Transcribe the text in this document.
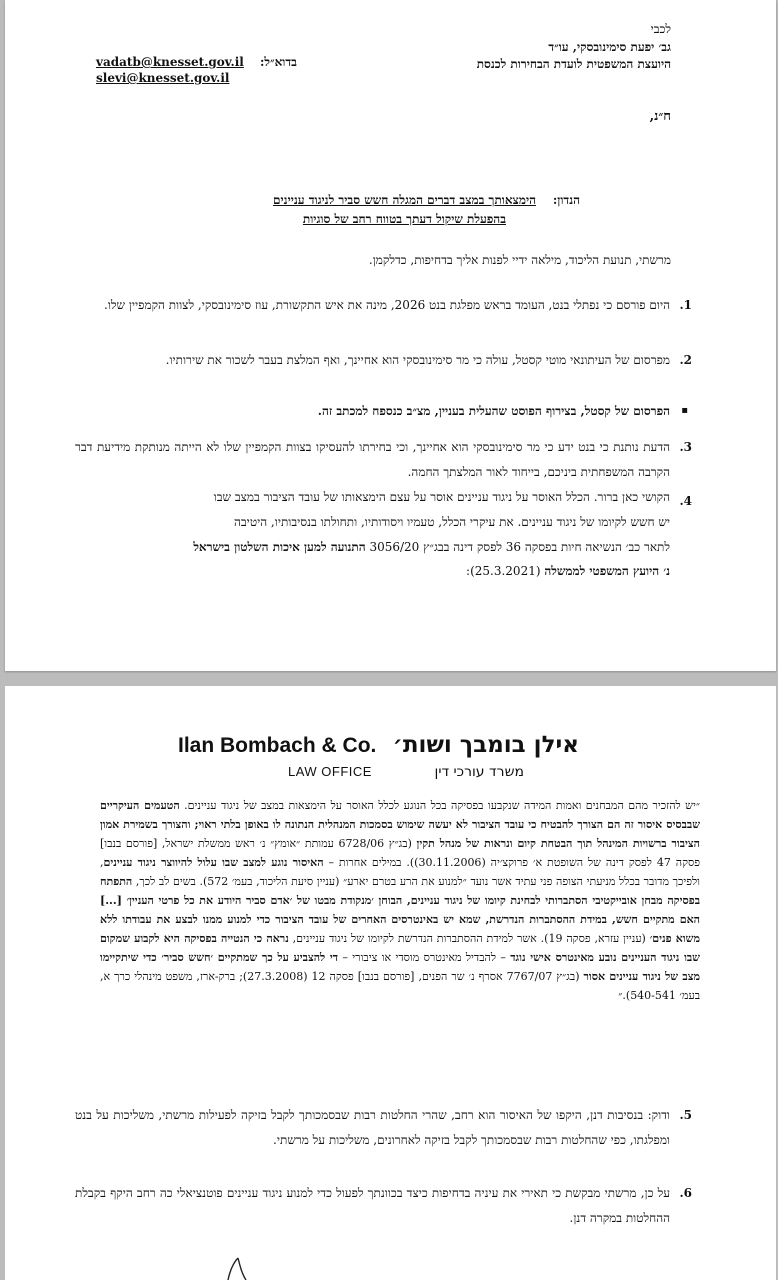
לכבי
גב׳ יפעת סימינובסקי, עו״ד
היועצת המשפטית לועדת הבחירות לכנסת
בדוא״ל:
vadatb@knesset.gov.il
slevi@knesset.gov.il
ח״נ,
הנדון:
הימצאותך במצב דברים המגלה חשש סביר לניגוד עניינים
בהפעלת שיקול דעתך בטווח רחב של סוגיות
מרשתי, תנועת הליכוד, מילאה ידיי לפנות אליך בדחיפות, כדלקמן.
1.
היום פורסם כי נפתלי בנט, העומד בראש מפלגת בנט 2026, מינה את איש התקשורת, עוז סימינובסקי, לצוות הקמפיין שלו.
2.
מפרסום של העיתונאי מוטי קסטל, עולה כי מר סימינובסקי הוא אחיינך, ואף המלצת בעבר לשכור את שירותיו.
▪
הפרסום של קסטל, בצירוף הפוסט שהעלית בעניין, מצ״ב כנספח למכתב זה.
3.
הדעת נותנת כי בנט ידע כי מר סימינובסקי הוא אחיינך, וכי בחירתו להעסיקו בצוות הקמפיין שלו לא הייתה מנותקת מידיעת דבר הקרבה המשפחתית ביניכם, בייחוד לאור המלצתך החמה.
4.
הקושי כאן ברור. הכלל האוסר על ניגוד עניינים אוסר על עצם הימצאותו של עובד הציבור במצב שבו
יש חשש לקיומו של ניגוד עניינים. את עיקרי הכלל, טעמיו ויסודותיו, ותחולתו בנסיבותיו, היטיבה
לתאר כב׳ הנשיאה חיות בפסקה 36 לפסק דינה בבג״ץ 3056/20 התנועה למען איכות השלטון בישראל
נ׳ היועץ המשפטי לממשלה (25.3.2021):
Ilan Bombach & Co.
LAW OFFICE
אילן בומבך ושות׳
משרד עורכי דין
״יש להזכיר מהם המבחנים ואמות המידה שנקבעו בפסיקה בכל הנוגע לכלל האוסר על הימצאות במצב של ניגוד עניינים. הטעמים העיקריים שבבסיס איסור זה הם הצורך להבטיח כי עובד הציבור לא יעשה שימוש בסמכות המנהלית הנתונה לו באופן בלתי ראוי; והצורך בשמירת אמון הציבור ברשויות המינהל תוך הבטחת קיום ונראות של מנהל תקין (בג״ץ 6728/06 עמותת ״אומץ״ נ׳ ראש ממשלת ישראל, [פורסם בנבו] פסקה 47 לפסק דינה של השופטת א׳ פרוקצ׳יה (30.11.2006)). במילים אחרות – האיסור נוגע למצב שבו עלול להיווצר ניגוד עניינים, ולפיכך מדובר בכלל מניעתי הצופה פני עתיד אשר נועד ״למנוע את הרע בטרם יארע״ (עניין סיעת הליכוד, בעמ׳ 572). בשים לב לכך, התפתח בפסיקה מבחן אובייקטיבי הסתברותי לבחינת קיומו של ניגוד עניינים, הבוחן ׳מנקודת מבטו של ׳אדם סביר היודע את כל פרטי העניין׳ [...] האם מתקיים חשש, במידת ההסתברות הנדרשת, שמא יש באינטרסים האחרים של עובד הציבור כדי למנוע ממנו לבצע את עבודתו ללא משוא פנים׳ (עניין עזרא, פסקה 19). אשר למידת ההסתברות הנדרשת לקיומו של ניגוד עניינים, נראה כי הנטייה בפסיקה היא לקבוע שמקום שבו ניגוד העניינים נובע מאינטרס אישי נוגד – להבדיל מאינטרס מוסדי או ציבורי – די להצביע על כך שמתקיים ׳חשש סביר׳ כדי שיתקיימו מצב של ניגוד עניינים אסור (בג״ץ 7767/07 אסרף נ׳ שר הפנים, [פורסם בנבו] פסקה 12 (27.3.2008); ברק-ארז, משפט מינהלי כרך א, בעמ׳ 540-541).״
5.
ודוק: בנסיבות דנן, היקפו של האיסור הוא רחב, שהרי החלטות רבות שבסמכותך לקבל בזיקה לפעילות מרשתי, משליכות על בנט ומפלגתו, כפי שהחלטות רבות שבסמכותך לקבל בזיקה לאחרונים, משליכות על מרשתי.
6.
על כן, מרשתי מבקשת כי תאירי את עיניה בדחיפות כיצד בכוונתך לפעול כדי למנוע ניגוד עניינים פוטנציאלי כה רחב היקף בקבלת ההחלטות במקרה דנן.
